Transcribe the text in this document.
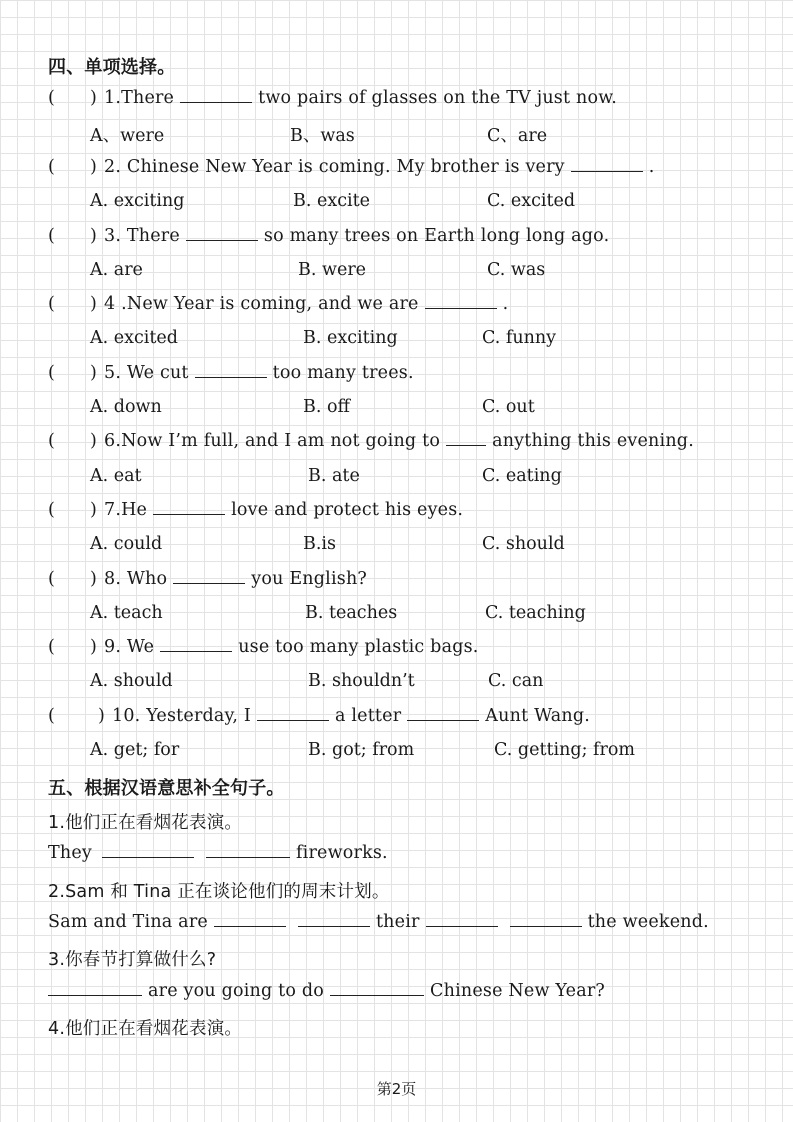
四、单项选择。
( ) 1.There	two pairs of glasses on the TV just now.
A、were	B、was	C、are
( ) 2. Chinese New Year is coming. My brother is very	.
A. exciting	B. excite	C. excited
( ) 3. There	so many trees on Earth long long ago.
A. are	B. were	C. was
( ) 4 .New Year is coming, and we are	.
A. excited	B. exciting	C. funny
( ) 5. We cut	too many trees.
A. down	B. off	C. out
( ) 6.Now I’m full, and I am not going to	anything this evening.
A. eat	B. ate	C. eating
( ) 7.He	love and protect his eyes.
A. could	B.is	C. should
( ) 8. Who	you English?
A. teach	B. teaches	C. teaching
( ) 9. We	use too many plastic bags.
A. should	B. shouldn’t	C. can
( ) 10. Yesterday, I	a letter	Aunt Wang.
A. get; for	B. got; from	C. getting; from
五、根据汉语意思补全句子。
1.他们正在看烟花表演。
They	fireworks.
2.Sam 和 Tina 正在谈论他们的周末计划。
Sam and Tina are	their	the weekend.
3.你春节打算做什么?
are you going to do	Chinese New Year?
4.他们正在看烟花表演。
第2页
